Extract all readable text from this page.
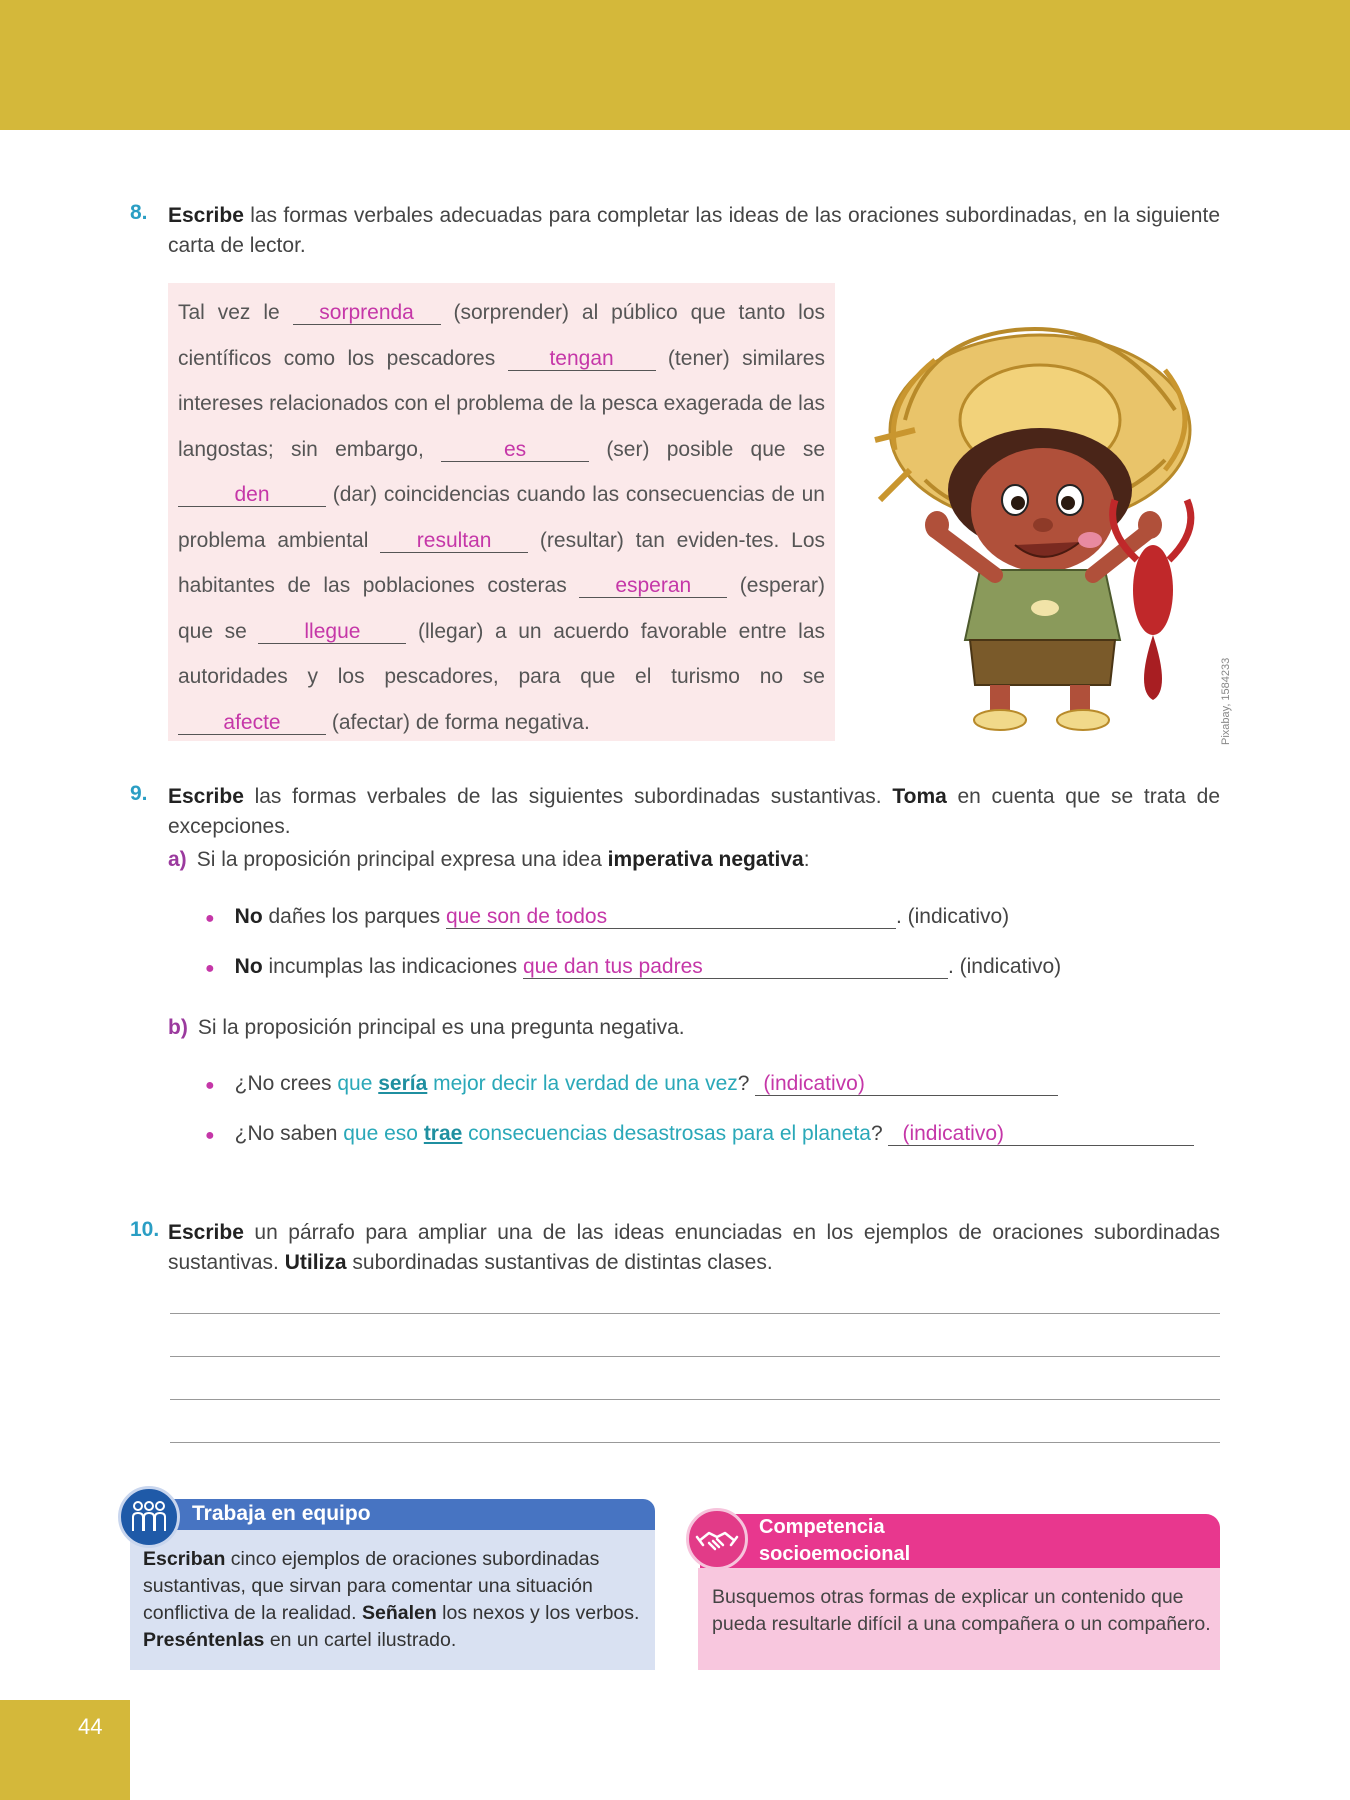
8. Escribe las formas verbales adecuadas para completar las ideas de las oraciones subordinadas, en la siguiente carta de lector.
Tal vez le sorprenda (sorprender) al público que tanto los científicos como los pescadores tengan (tener) similares intereses relacionados con el problema de la pesca exagerada de las langostas; sin embargo,	es	(ser) posible que se den	(dar) coincidencias cuando las consecuencias de un problema ambiental resultan (resultar) tan eviden-tes. Los habitantes de las poblaciones costeras esperan (esperar) que se llegue (llegar) a un acuerdo favorable entre las autoridades y los pescadores, para que el turismo no se afecte (afectar) de forma negativa.	Pixabay, 1584233
9. Escribe las formas verbales de las siguientes subordinadas sustantivas. Toma en cuenta que se trata de excepciones.
a) Si la proposición principal expresa una idea imperativa negativa:
● No dañes los parques que son de todos	. (indicativo)
● No incumplas las indicaciones que dan tus padres	. (indicativo)
b) Si la proposición principal es una pregunta negativa.
● ¿No crees que sería mejor decir la verdad de una vez? (indicativo)
● ¿No saben que eso trae consecuencias desastrosas para el planeta? (indicativo)
10. Escribe un párrafo para ampliar una de las ideas enunciadas en los ejemplos de oraciones subordinadas sustantivas. Utiliza subordinadas sustantivas de distintas clases.
Trabaja en equipo
Escriban cinco ejemplos de oraciones subordinadas sustantivas, que sirvan para comentar una situación conflictiva de la realidad. Señalen los nexos y los verbos. Preséntenlas en un cartel ilustrado.
Competencia
socioemocional
Busquemos otras formas de explicar un contenido que pueda resultarle difícil a una compañera o un compañero.
44
